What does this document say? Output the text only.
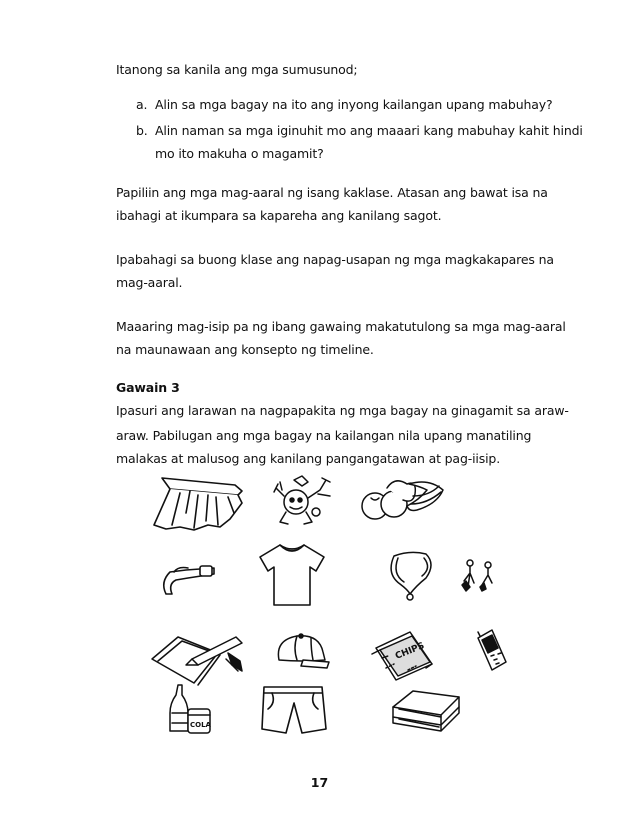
Itanong sa kanila ang mga sumusunod;
a. Alin sa mga bagay na ito ang inyong kailangan upang mabuhay?
b. Alin naman sa mga iginuhit mo ang maaari kang mabuhay kahit hindi
mo ito makuha o magamit?
Papiliin ang mga mag-aaral ng isang kaklase. Atasan ang bawat isa na
ibahagi at ikumpara sa kapareha ang kanilang sagot.
Ipabahagi sa buong klase ang napag-usapan ng mga magkakapares na
mag-aaral.
Maaaring mag-isip pa ng ibang gawaing makatutulong sa mga mag-aaral
na maunawaan ang konsepto ng timeline.
Gawain 3
Ipasuri ang larawan na nagpapakita ng mga bagay na ginagamit sa araw-
araw. Pabilugan ang mga bagay na kailangan nila upang manatiling
malakas at malusog ang kanilang pangangatawan at pag-iisip.
CHIPS
COLA
17
